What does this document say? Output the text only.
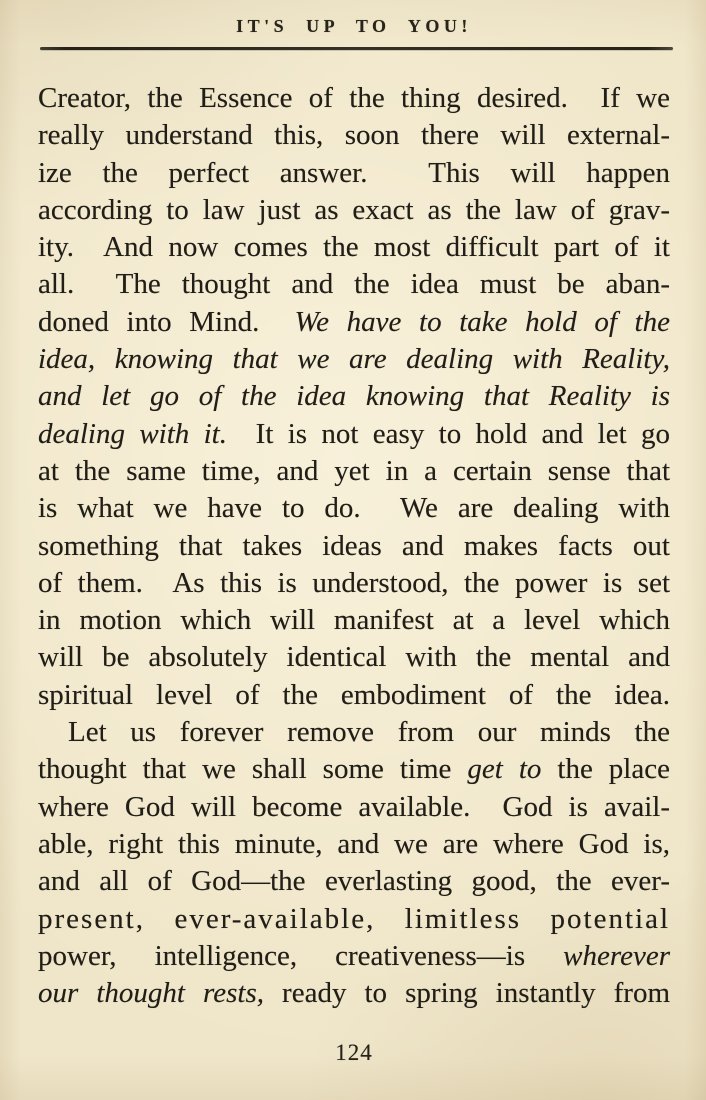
IT'S UP TO YOU!
Creator, the Essence of the thing desired.  If we
really understand this, soon there will external-
ize the perfect answer.  This will happen
according to law just as exact as the law of grav-
ity.  And now comes the most difficult part of it
all.  The thought and the idea must be aban-
doned into Mind.  We have to take hold of the
idea, knowing that we are dealing with Reality,
and let go of the idea knowing that Reality is
dealing with it.  It is not easy to hold and let go
at the same time, and yet in a certain sense that
is what we have to do.  We are dealing with
something that takes ideas and makes facts out
of them.  As this is understood, the power is set
in motion which will manifest at a level which
will be absolutely identical with the mental and
spiritual level of the embodiment of the idea.
Let us forever remove from our minds the
thought that we shall some time get to the place
where God will become available.  God is avail-
able, right this minute, and we are where God is,
and all of God—the everlasting good, the ever-
present, ever-available, limitless potential
power, intelligence, creativeness—is wherever
our thought rests, ready to spring instantly from
124
